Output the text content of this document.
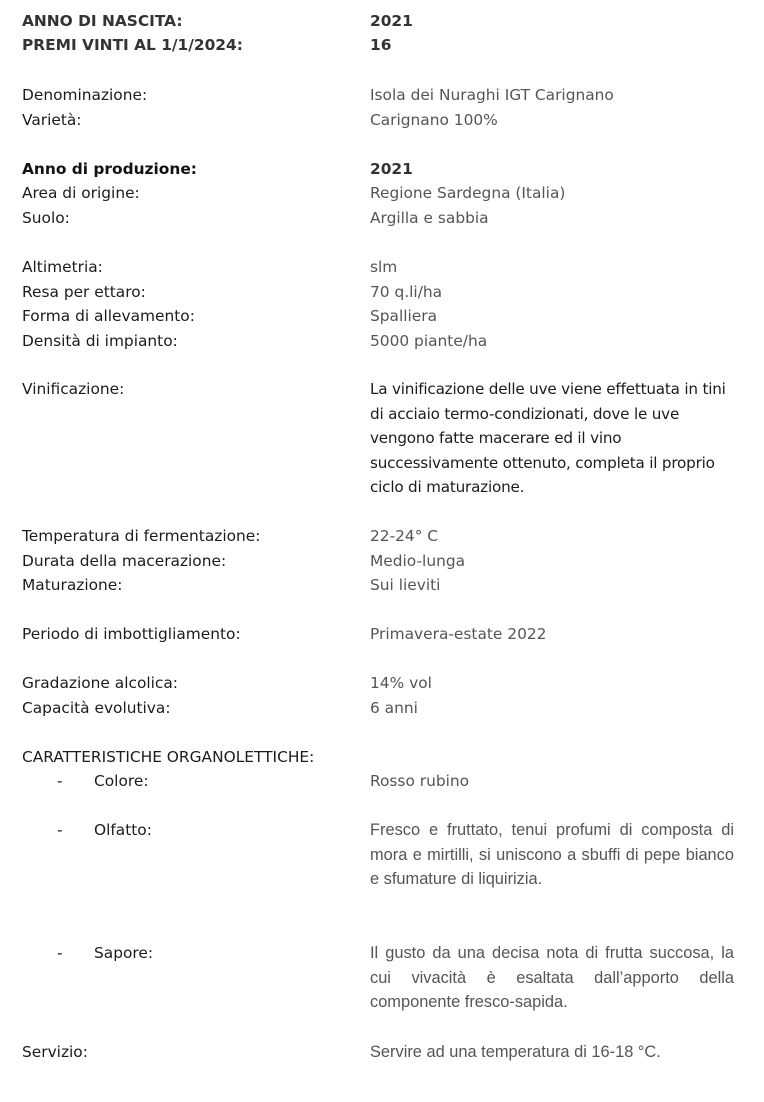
ANNO DI NASCITA:	2021
PREMI VINTI AL 1/1/2024:	16
Denominazione:	Isola dei Nuraghi IGT Carignano
Varietà:	Carignano 100%
Anno di produzione:	2021
Area di origine:	Regione Sardegna (Italia)
Suolo:	Argilla e sabbia
Altimetria:	slm
Resa per ettaro:	70 q.li/ha
Forma di allevamento:	Spalliera
Densità di impianto:	5000 piante/ha
Vinificazione:	La vinificazione delle uve viene effettuata in tini di acciaio termo-condizionati, dove le uve vengono fatte macerare ed il vino successivamente ottenuto, completa il proprio ciclo di maturazione.
Temperatura di fermentazione:	22-24° C
Durata della macerazione:	Medio-lunga
Maturazione:	Sui lieviti
Periodo di imbottigliamento:	Primavera-estate 2022
Gradazione alcolica:	14% vol
Capacità evolutiva:	6 anni
CARATTERISTICHE ORGANOLETTICHE:
- Colore:	Rosso rubino
- Olfatto:	Fresco e fruttato, tenui profumi di composta di mora e mirtilli, si uniscono a sbuffi di pepe bianco e sfumature di liquirizia.
- Sapore:	Il gusto da una decisa nota di frutta succosa, la cui vivacità è esaltata dall’apporto della componente fresco-sapida.
Servizio:	Servire ad una temperatura di 16-18 °C.
